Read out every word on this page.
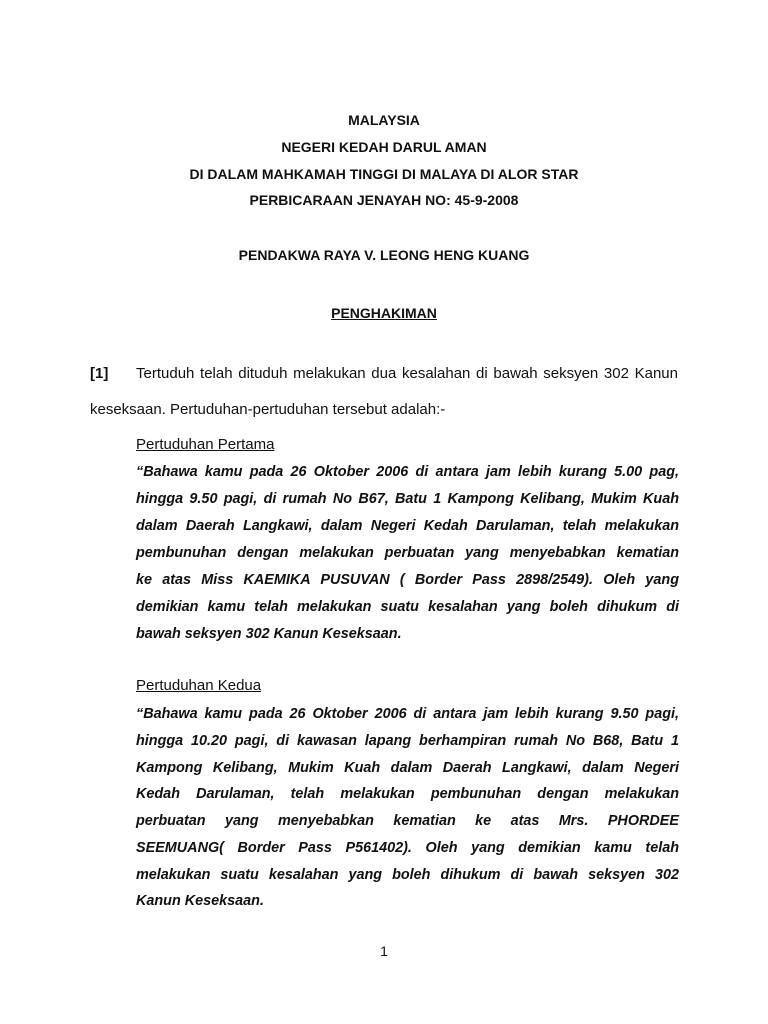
MALAYSIA
NEGERI KEDAH DARUL AMAN
DI DALAM MAHKAMAH TINGGI DI MALAYA DI ALOR STAR
PERBICARAAN JENAYAH NO: 45-9-2008
PENDAKWA RAYA V. LEONG HENG KUANG
PENGHAKIMAN
[1] Tertuduh telah dituduh melakukan dua kesalahan di bawah seksyen 302 Kanun
keseksaan. Pertuduhan-pertuduhan tersebut adalah:-
Pertuduhan Pertama
“Bahawa kamu pada 26 Oktober 2006 di antara jam lebih kurang 5.00 pag,
hingga 9.50 pagi, di rumah No B67, Batu 1 Kampong Kelibang, Mukim Kuah
dalam Daerah Langkawi, dalam Negeri Kedah Darulaman, telah melakukan
pembunuhan dengan melakukan perbuatan yang menyebabkan kematian
ke atas Miss KAEMIKA PUSUVAN ( Border Pass 2898/2549). Oleh yang
demikian kamu telah melakukan suatu kesalahan yang boleh dihukum di
bawah seksyen 302 Kanun Keseksaan.
Pertuduhan Kedua
“Bahawa kamu pada 26 Oktober 2006 di antara jam lebih kurang 9.50 pagi,
hingga 10.20 pagi, di kawasan lapang berhampiran rumah No B68, Batu 1
Kampong Kelibang, Mukim Kuah dalam Daerah Langkawi, dalam Negeri
Kedah Darulaman, telah melakukan pembunuhan dengan melakukan
perbuatan yang menyebabkan kematian ke atas Mrs. PHORDEE
SEEMUANG( Border Pass P561402). Oleh yang demikian kamu telah
melakukan suatu kesalahan yang boleh dihukum di bawah seksyen 302
Kanun Keseksaan.
1
